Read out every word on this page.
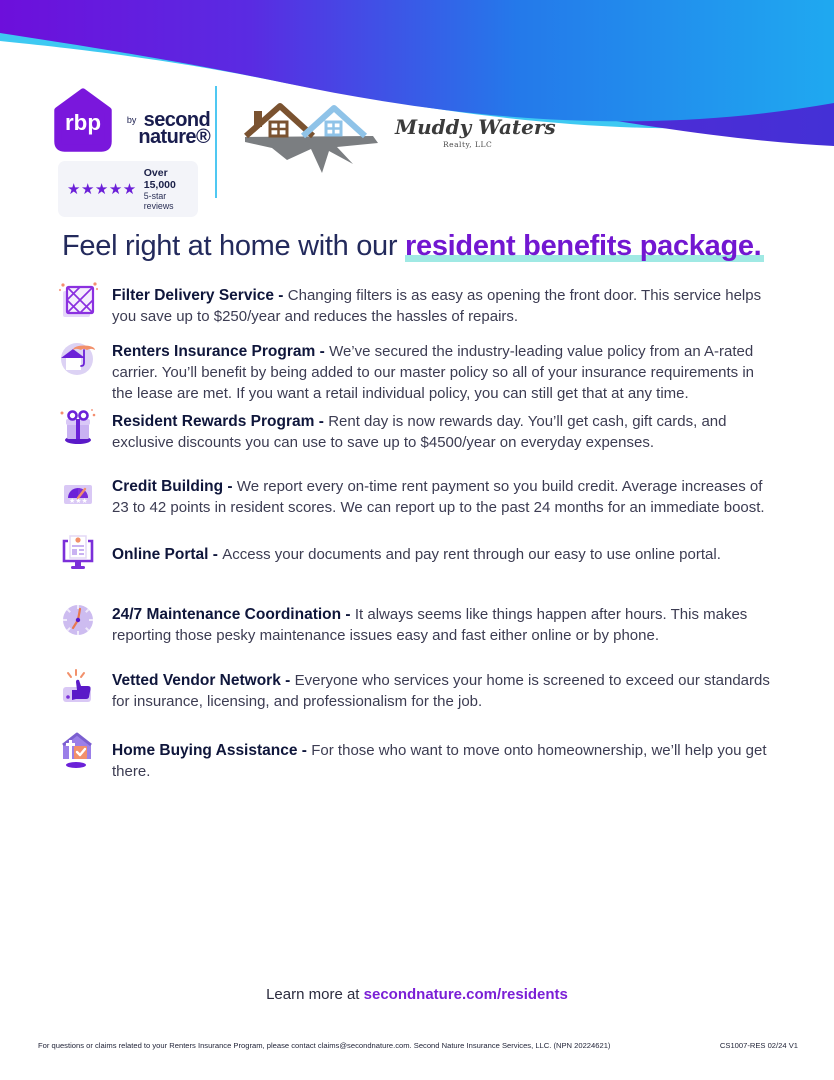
rbp	by second
nature®
★★★★★
Over 15,000
5-star reviews
Muddy Waters
Realty, LLC
Feel right at home with our resident benefits package.

Filter Delivery Service - Changing filters is as easy as opening the front door. This service helps you save up to $250/year and reduces the hassles of repairs.

Renters Insurance Program - We’ve secured the industry-leading value policy from an A-rated carrier. You’ll benefit by being added to our master policy so all of your insurance requirements in the lease are met. If you want a retail individual policy, you can still get that at any time.

Resident Rewards Program - Rent day is now rewards day. You’ll get cash, gift cards, and exclusive discounts you can use to save up to $4500/year on everyday expenses.

★★★

Credit Building - We report every on-time rent payment so you build credit. Average increases of 23 to 42 points in resident scores. We can report up to the past 24 months for an immediate boost.

Online Portal - Access your documents and pay rent through our easy to use online portal.

24/7 Maintenance Coordination - It always seems like things happen after hours. This makes reporting those pesky maintenance issues easy and fast either online or by phone.

Vetted Vendor Network - Everyone who services your home is screened to exceed our standards for insurance, licensing, and professionalism for the job.

Home Buying Assistance - For those who want to move onto homeownership, we’ll help you get there.

Learn more at secondnature.com/residents
For questions or claims related to your Renters Insurance Program, please contact claims@secondnature.com. Second Nature Insurance Services, LLC. (NPN 20224621)	CS1007-RES 02/24 V1
